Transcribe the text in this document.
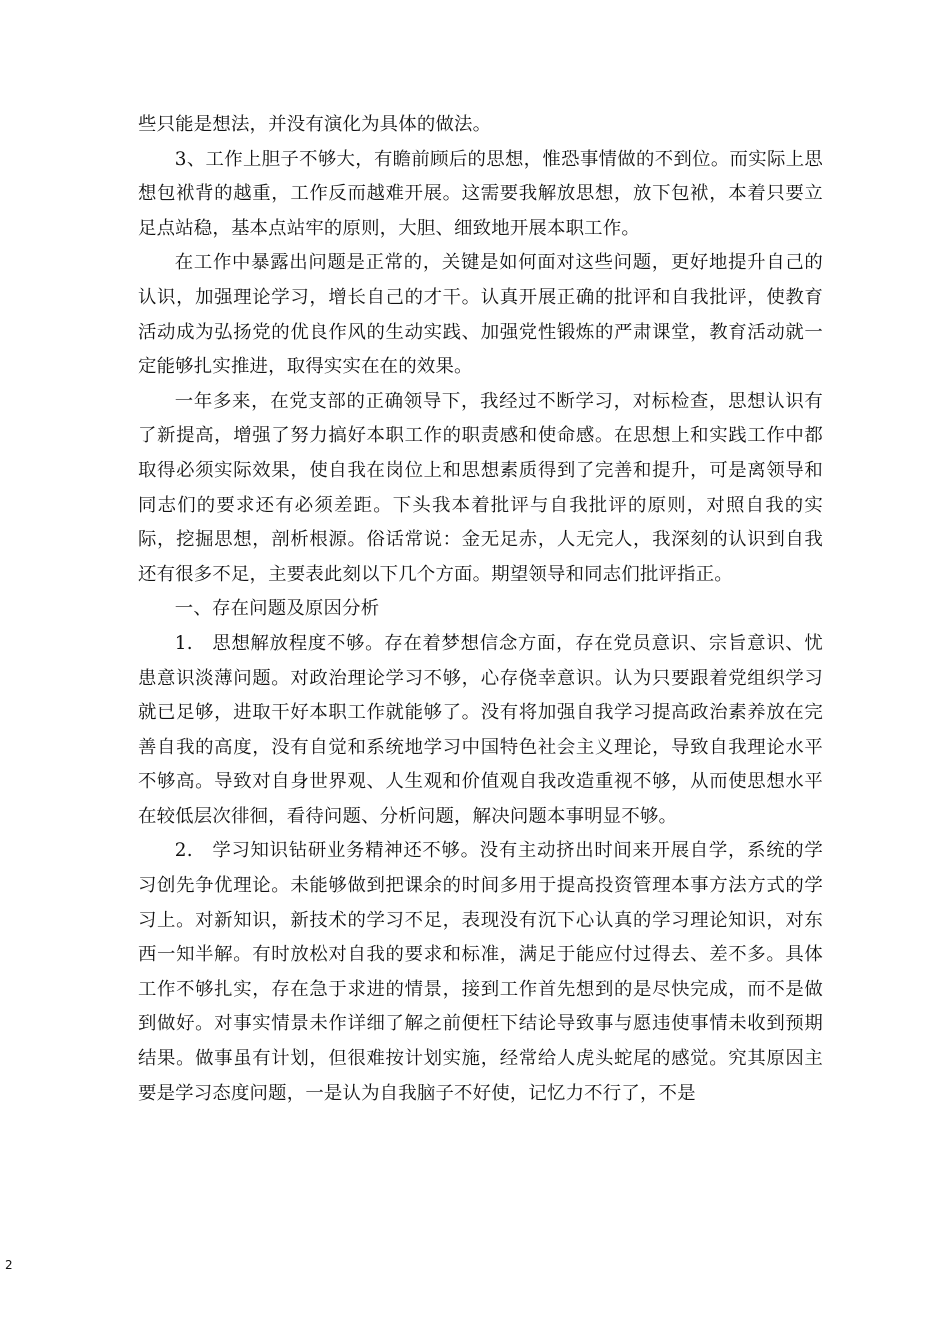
些只能是想法，并没有演化为具体的做法。

3、工作上胆子不够大，有瞻前顾后的思想，惟恐事情做的不到位。而实际上思想包袱背的越重，工作反而越难开展。这需要我解放思想，放下包袱，本着只要立足点站稳，基本点站牢的原则，大胆、细致地开展本职工作。

在工作中暴露出问题是正常的，关键是如何面对这些问题，更好地提升自己的认识，加强理论学习，增长自己的才干。认真开展正确的批评和自我批评，使教育活动成为弘扬党的优良作风的生动实践、加强党性锻炼的严肃课堂，教育活动就一定能够扎实推进，取得实实在在的效果。

一年多来，在党支部的正确领导下，我经过不断学习，对标检查，思想认识有了新提高，增强了努力搞好本职工作的职责感和使命感。在思想上和实践工作中都取得必须实际效果，使自我在岗位上和思想素质得到了完善和提升，可是离领导和同志们的要求还有必须差距。下头我本着批评与自我批评的原则，对照自我的实际，挖掘思想，剖析根源。俗话常说：金无足赤，人无完人，我深刻的认识到自我还有很多不足，主要表此刻以下几个方面。期望领导和同志们批评指正。

一、存在问题及原因分析

1.　思想解放程度不够。存在着梦想信念方面，存在党员意识、宗旨意识、忧患意识淡薄问题。对政治理论学习不够，心存侥幸意识。认为只要跟着党组织学习就已足够，进取干好本职工作就能够了。没有将加强自我学习提高政治素养放在完善自我的高度，没有自觉和系统地学习中国特色社会主义理论，导致自我理论水平不够高。导致对自身世界观、人生观和价值观自我改造重视不够，从而使思想水平在较低层次徘徊，看待问题、分析问题，解决问题本事明显不够。

2.　学习知识钻研业务精神还不够。没有主动挤出时间来开展自学，系统的学习创先争优理论。未能够做到把课余的时间多用于提高投资管理本事方法方式的学习上。对新知识，新技术的学习不足，表现没有沉下心认真的学习理论知识，对东西一知半解。有时放松对自我的要求和标准，满足于能应付过得去、差不多。具体工作不够扎实，存在急于求进的情景，接到工作首先想到的是尽快完成，而不是做到做好。对事实情景未作详细了解之前便枉下结论导致事与愿违使事情未收到预期结果。做事虽有计划，但很难按计划实施，经常给人虎头蛇尾的感觉。究其原因主要是学习态度问题，一是认为自我脑子不好使，记忆力不行了，不是

2
